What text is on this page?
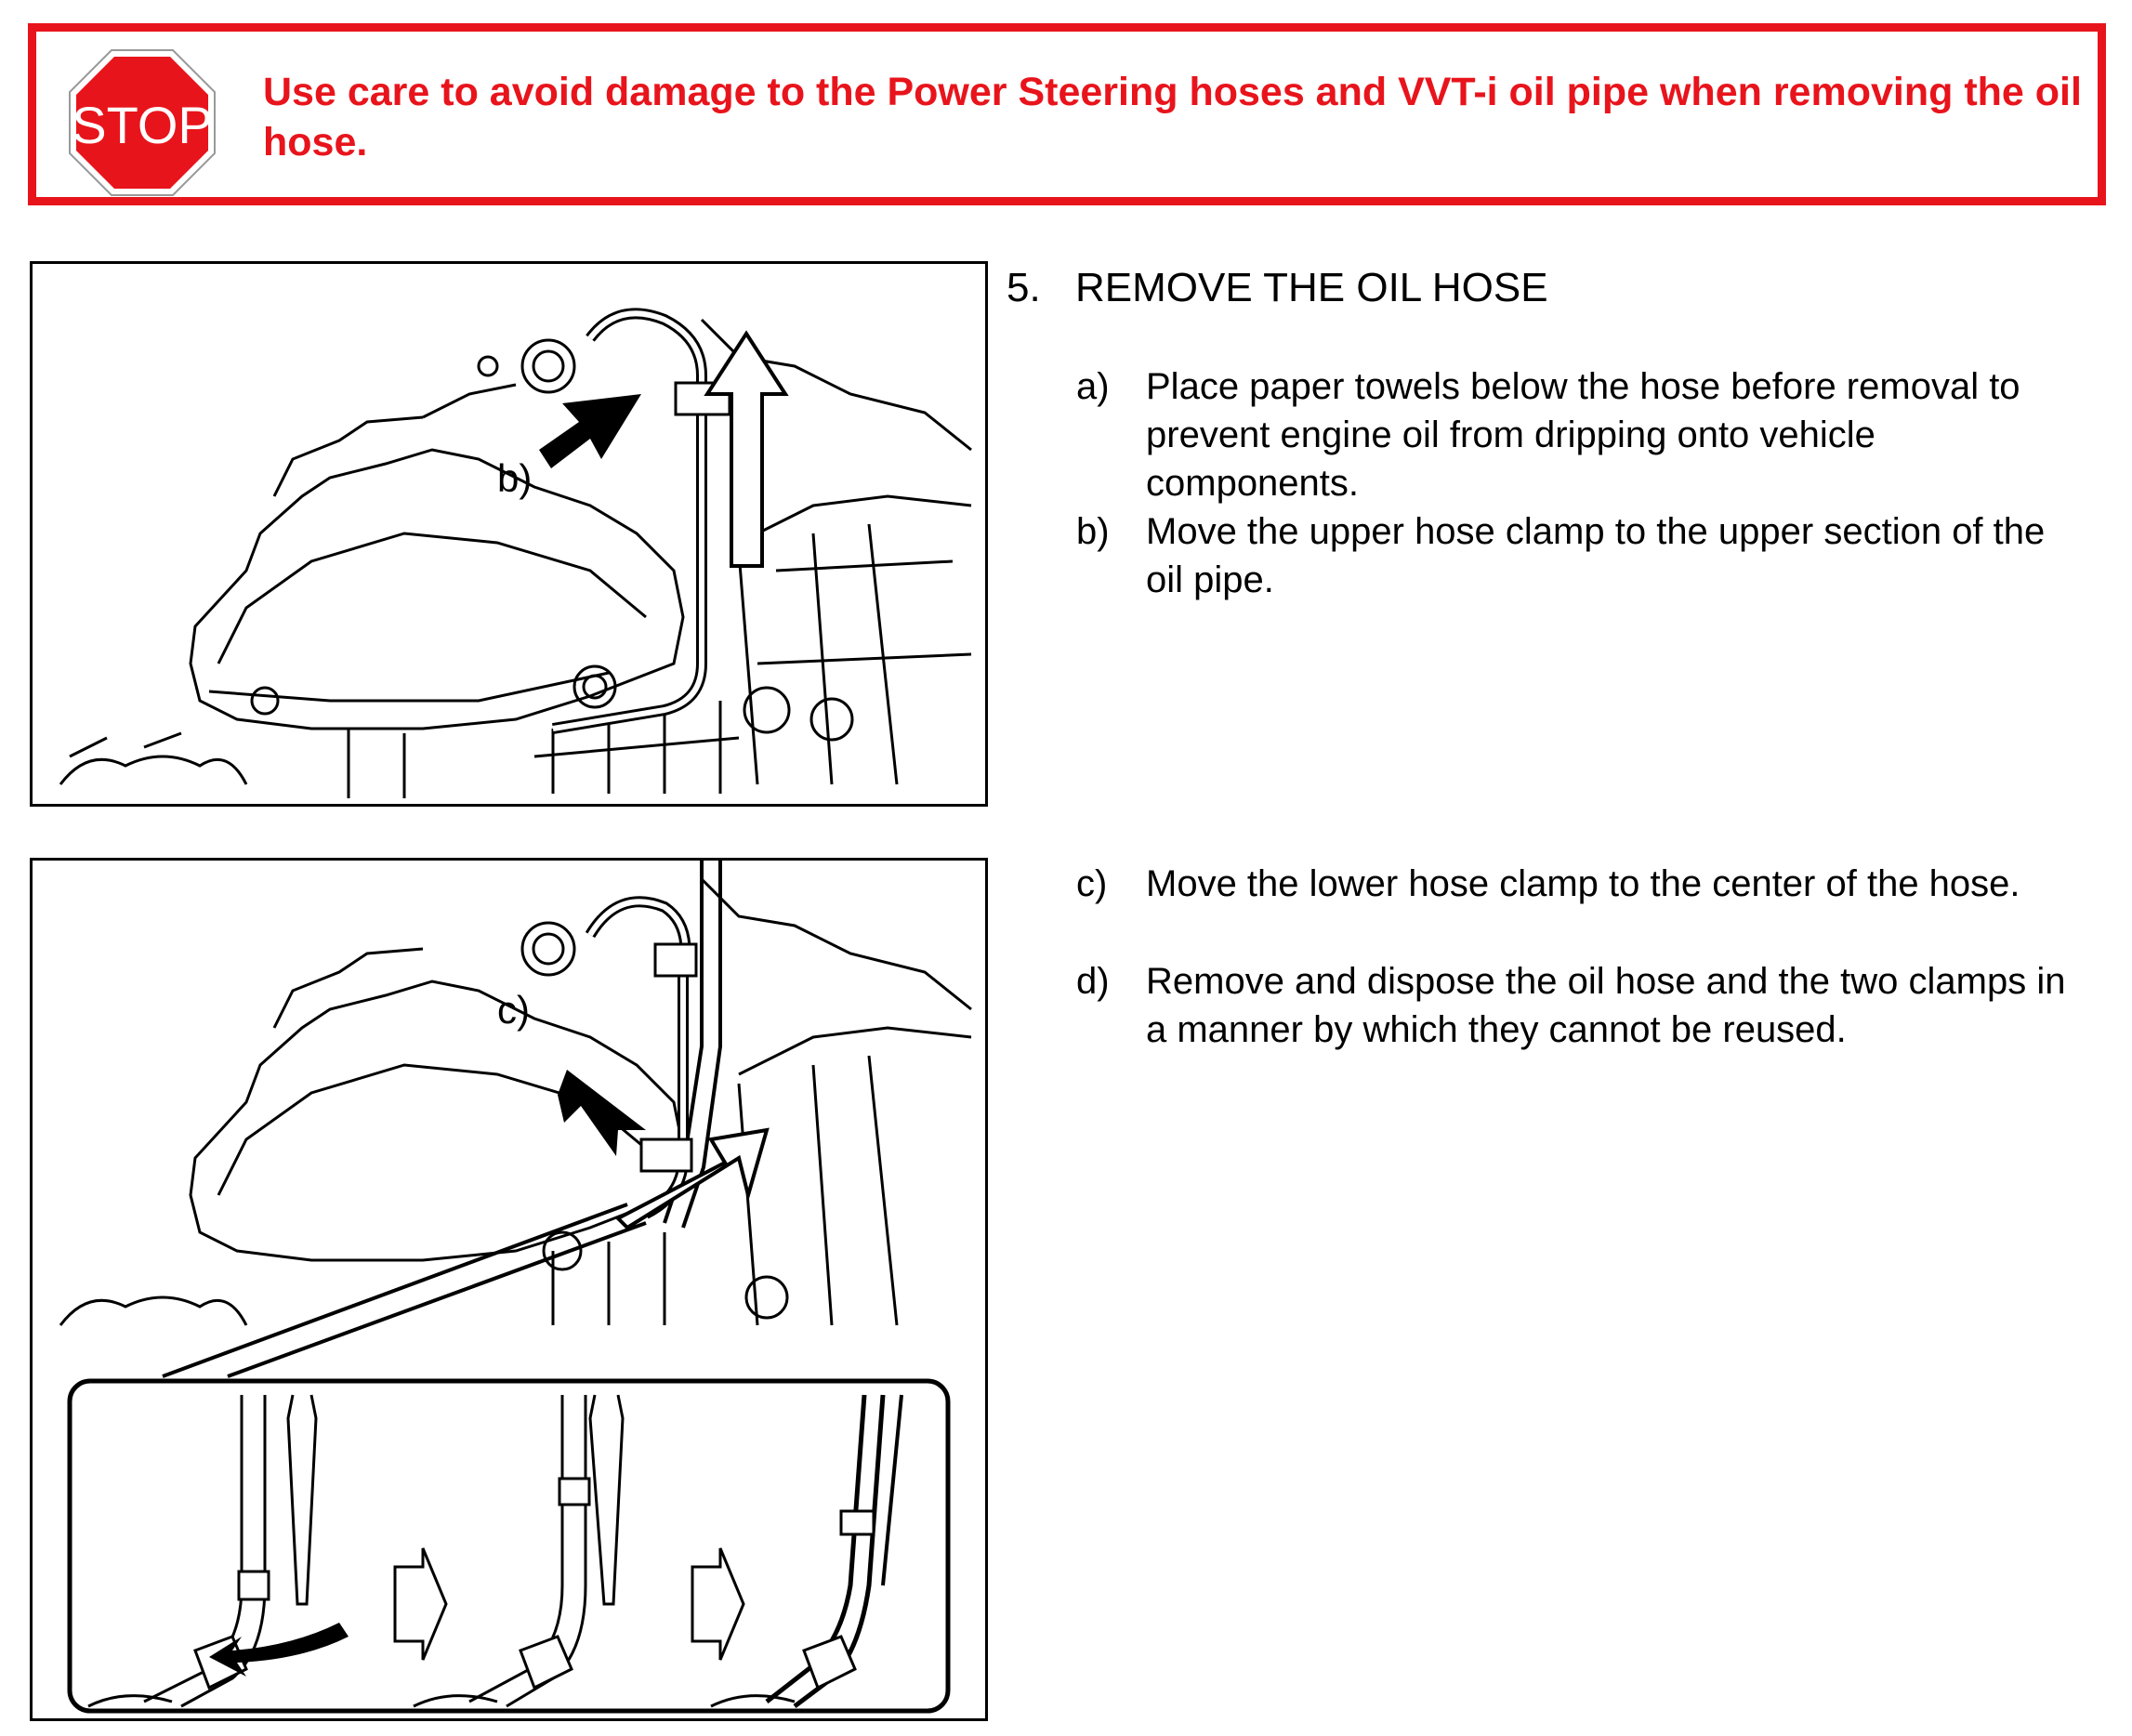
STOP
Use care to avoid damage to the Power Steering hoses and VVT-i oil pipe when removing the oil hose.
b)
c)
5. REMOVE THE OIL HOSE
a) Place paper towels below the hose before removal to prevent engine oil from dripping onto vehicle components.
b) Move the upper hose clamp to the upper section of the oil pipe.
c) Move the lower hose clamp to the center of the hose.
d) Remove and dispose the oil hose and the two clamps in a manner by which they cannot be reused.
